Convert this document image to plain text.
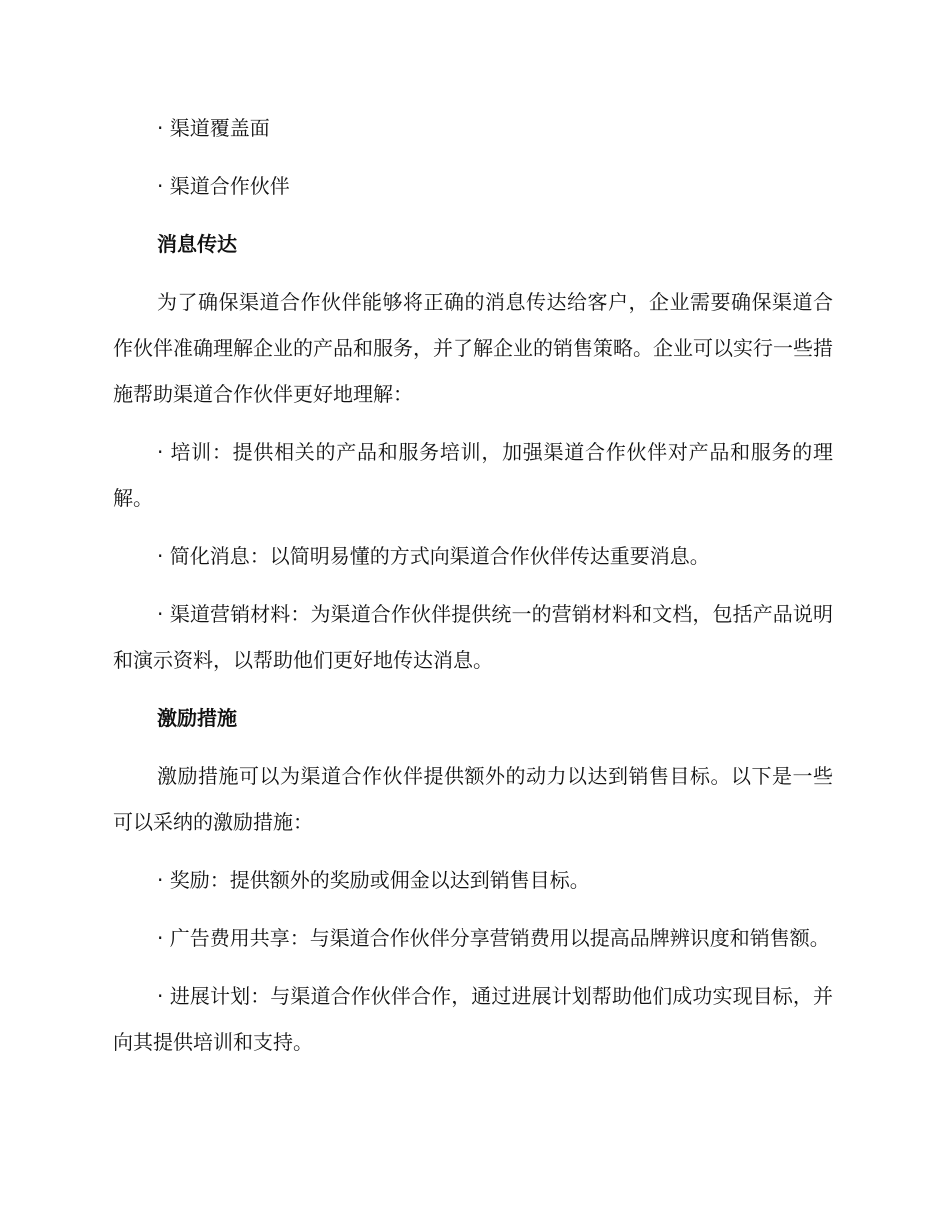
· 渠道覆盖面

· 渠道合作伙伴

消息传达

为了确保渠道合作伙伴能够将正确的消息传达给客户，企业需要确保渠道合作伙伴准确理解企业的产品和服务，并了解企业的销售策略。企业可以实行一些措施帮助渠道合作伙伴更好地理解：

· 培训：提供相关的产品和服务培训，加强渠道合作伙伴对产品和服务的理解。

· 简化消息：以简明易懂的方式向渠道合作伙伴传达重要消息。

· 渠道营销材料：为渠道合作伙伴提供统一的营销材料和文档，包括产品说明和演示资料，以帮助他们更好地传达消息。

激励措施

激励措施可以为渠道合作伙伴提供额外的动力以达到销售目标。以下是一些可以采纳的激励措施：

· 奖励：提供额外的奖励或佣金以达到销售目标。

· 广告费用共享：与渠道合作伙伴分享营销费用以提高品牌辨识度和销售额。

· 进展计划：与渠道合作伙伴合作，通过进展计划帮助他们成功实现目标，并向其提供培训和支持。
